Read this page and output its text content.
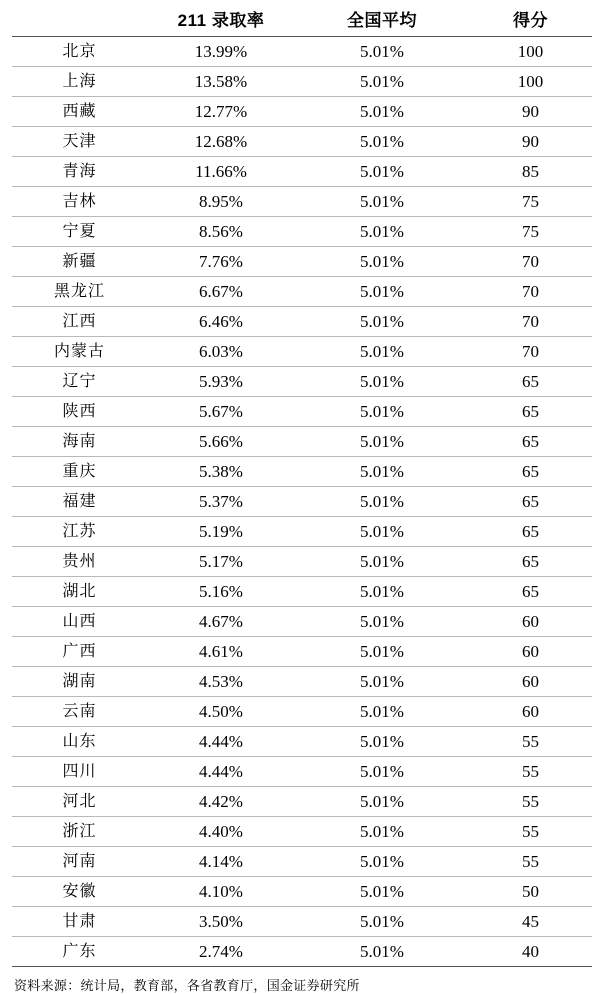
	211 录取率	全国平均	得分
北京	13.99%	5.01%	100
上海	13.58%	5.01%	100
西藏	12.77%	5.01%	90
天津	12.68%	5.01%	90
青海	11.66%	5.01%	85
吉林	8.95%	5.01%	75
宁夏	8.56%	5.01%	75
新疆	7.76%	5.01%	70
黑龙江	6.67%	5.01%	70
江西	6.46%	5.01%	70
内蒙古	6.03%	5.01%	70
辽宁	5.93%	5.01%	65
陕西	5.67%	5.01%	65
海南	5.66%	5.01%	65
重庆	5.38%	5.01%	65
福建	5.37%	5.01%	65
江苏	5.19%	5.01%	65
贵州	5.17%	5.01%	65
湖北	5.16%	5.01%	65
山西	4.67%	5.01%	60
广西	4.61%	5.01%	60
湖南	4.53%	5.01%	60
云南	4.50%	5.01%	60
山东	4.44%	5.01%	55
四川	4.44%	5.01%	55
河北	4.42%	5.01%	55
浙江	4.40%	5.01%	55
河南	4.14%	5.01%	55
安徽	4.10%	5.01%	50
甘肃	3.50%	5.01%	45
广东	2.74%	5.01%	40
资料来源：统计局，教育部，各省教育厅，国金证券研究所
